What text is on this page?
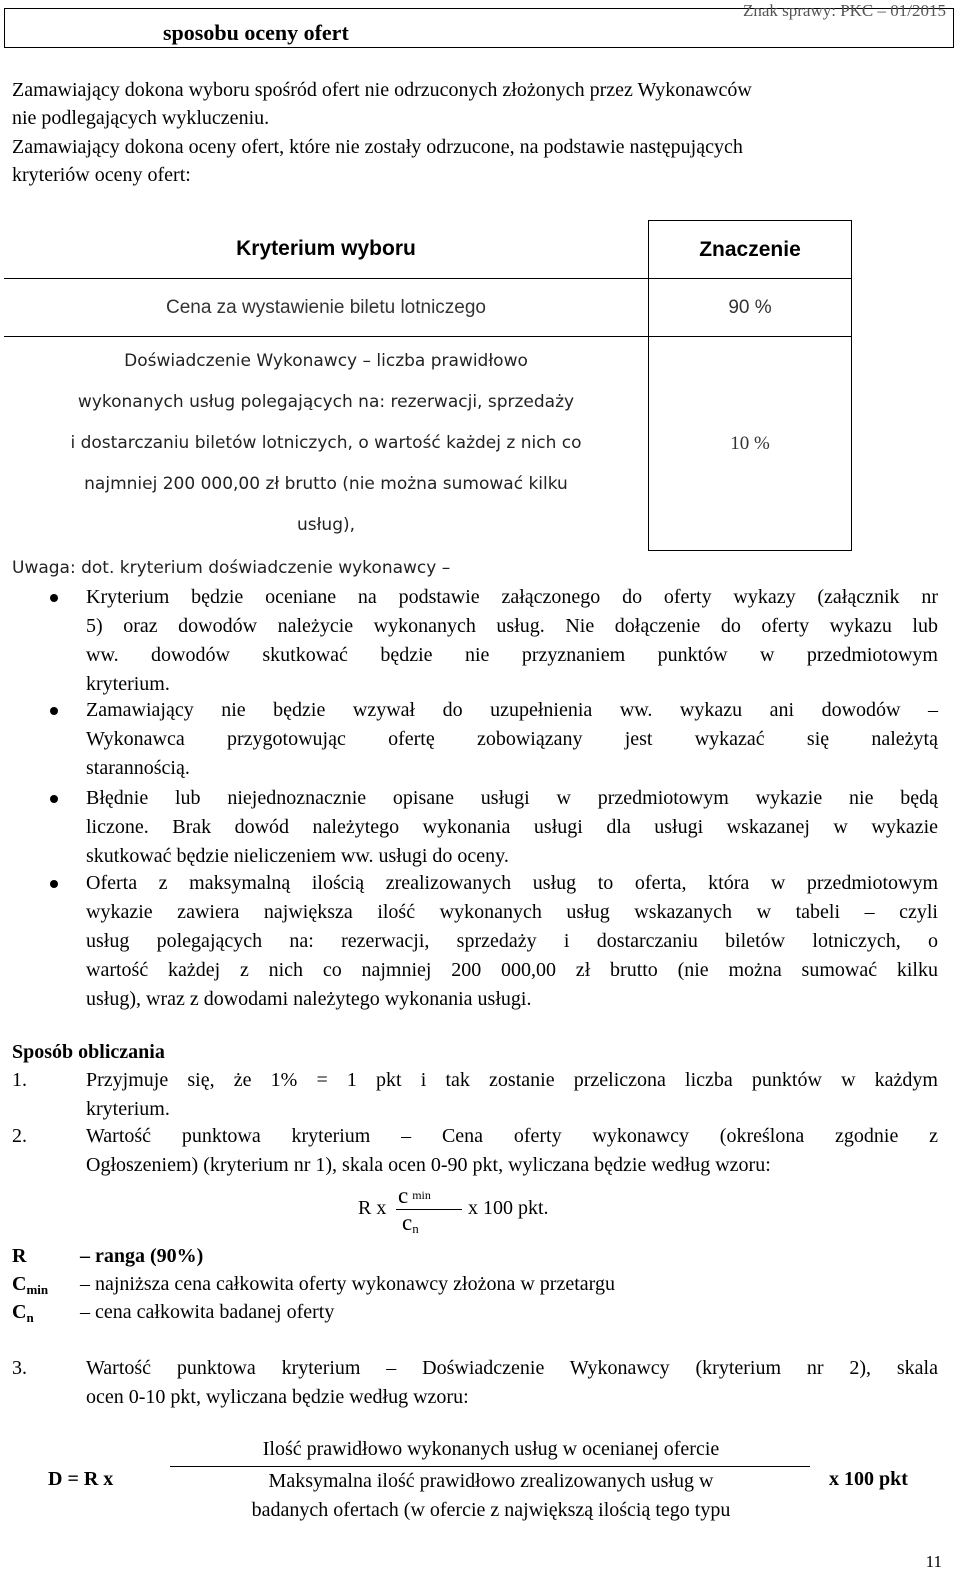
Znak sprawy: PKC – 01/2015
sposobu oceny ofert
Zamawiający dokona wyboru spośród ofert nie odrzuconych złożonych przez Wykonawców
nie podlegających wykluczeniu.
Zamawiający dokona oceny ofert, które nie zostały odrzucone, na podstawie następujących
kryteriów oceny ofert:
Kryterium wyboru	Znaczenie
Cena za wystawienie biletu lotniczego	90 %

Doświadczenie Wykonawcy – liczba prawidłowo
wykonanych usług polegających na: rezerwacji, sprzedaży
i dostarczaniu biletów lotniczych, o wartość każdej z nich co
najmniej 200 000,00 zł brutto (nie można sumować kilku
usług),	10 %
Uwaga: dot. kryterium doświadczenie wykonawcy –
Kryterium będzie oceniane na podstawie załączonego do oferty wykazy (załącznik nr
5) oraz dowodów należycie wykonanych usług. Nie dołączenie do oferty wykazu lub
ww. dowodów skutkować będzie nie przyznaniem punktów w przedmiotowym
kryterium.
Zamawiający nie będzie wzywał do uzupełnienia ww. wykazu ani dowodów –
Wykonawca przygotowując ofertę zobowiązany jest wykazać się należytą
starannością.
Błędnie lub niejednoznacznie opisane usługi w przedmiotowym wykazie nie będą
liczone. Brak dowód należytego wykonania usługi dla usługi wskazanej w wykazie
skutkować będzie nieliczeniem ww. usługi do oceny.
Oferta z maksymalną ilością zrealizowanych usług to oferta, która w przedmiotowym
wykazie zawiera największa ilość wykonanych usług wskazanych w tabeli – czyli
usług polegających na: rezerwacji, sprzedaży i dostarczaniu biletów lotniczych, o
wartość każdej z nich co najmniej 200 000,00 zł brutto (nie można sumować kilku
usług), wraz z dowodami należytego wykonania usługi.
Sposób obliczania
1.	Przyjmuje się, że 1% = 1 pkt i tak zostanie przeliczona liczba punktów w każdym
kryterium.
2.	Wartość punktowa kryterium – Cena oferty wykonawcy (określona zgodnie z
Ogłoszeniem) (kryterium nr 1), skala ocen 0-90 pkt, wyliczana będzie według wzoru:
R x cmin
x 100 pkt.
cn
R	– ranga (90%)
$C_{min}$ – najniższa cena całkowita oferty wykonawcy złożona w przetargu
$C_n$ – cena całkowita badanej oferty
3.	Wartość punktowa kryterium – Doświadczenie Wykonawcy (kryterium nr 2), skala
ocen 0-10 pkt, wyliczana będzie według wzoru:
D = R x
Ilość prawidłowo wykonanych usług w ocenianej ofercie
Maksymalna ilość prawidłowo zrealizowanych usług w
badanych ofertach (w ofercie z największą ilością tego typu
x 100 pkt
11
